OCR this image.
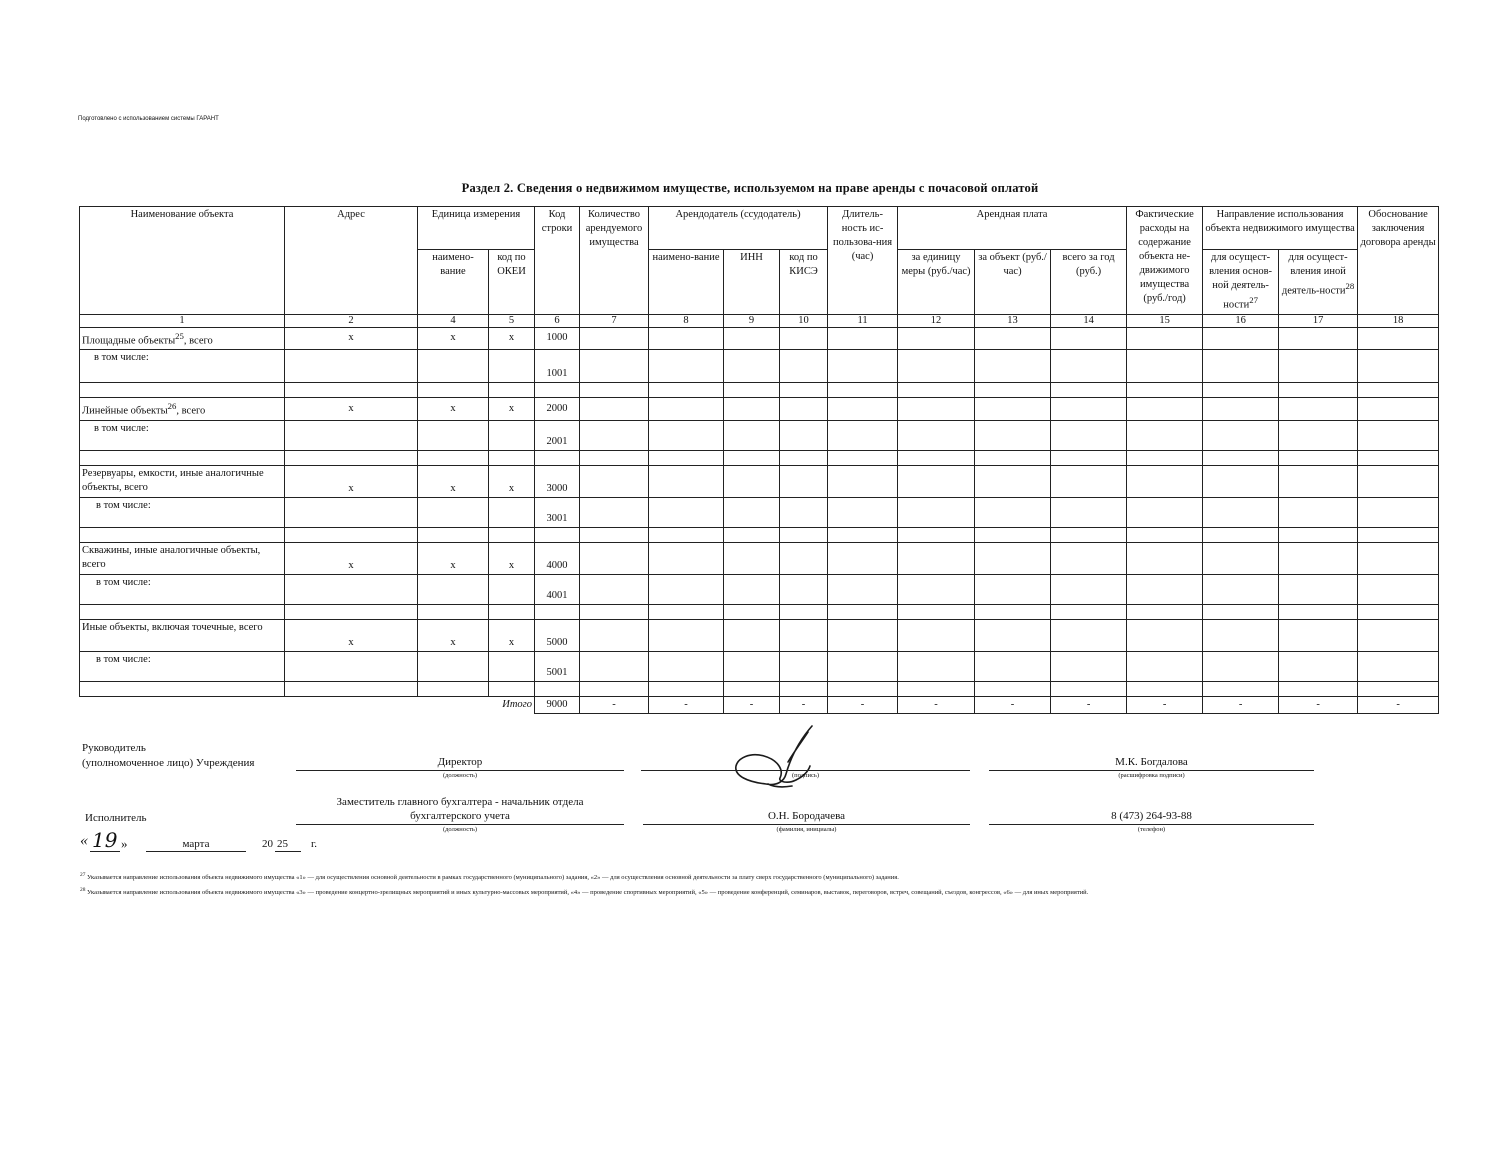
Подготовлено с использованием системы ГАРАНТ
Раздел 2. Сведения о недвижимом имуществе, используемом на праве аренды с почасовой оплатой
Наименование объекта	Адрес	Единица измерения		Код строки	Количество арендуемого имущества	Арендодатель (ссудодатель)			Длитель-ность ис-пользова-ния (час)	Арендная плата			Фактические расходы на содержание объекта не-движимого имущества (руб./год)	Направление использования объекта недвижимого имущества		Обоснование заключения договора аренды
		наимено-вание	код по ОКЕИ			наимено-вание	ИНН	код по КИСЭ		за единицу меры (руб./час)	за объект (руб./час)	всего за год (руб.)		для осущест-вления основ-ной деятель-ности$^{27}$	для осущест-вления иной деятель-ности$^{28}$
1	2	4	5	6	7	8	9	10	11	12	13	14	15	16	17	18
Площадные объекты$^{25}$, всего	х	х	х	1000												
в том числе:				1001												

Линейные объекты$^{26}$, всего	х	х	х	2000												
в том числе:				2001												

Резервуары, емкости, иные аналогичные объекты, всего	х	х	х	3000												
в том числе:				3001												

Скважины, иные аналогичные объекты, всего	х	х	х	4000												
в том числе:				4001												

Иные объекты, включая точечные, всего	х	х	х	5000												
в том числе:				5001												

Итого				9000	-	-	-	-	-	-	-	-	-	-	-	-
Руководитель
(уполномоченное лицо) Учреждения	Директор
(должность)	(подпись)
М.К. Богдалова
(расшифровка подписи)
Исполнитель
Заместитель главного бухгалтера - начальник отдела
бухгалтерского учета
(должность)
О.Н. Бородачева
(фамилия, инициалы)
8 (473) 264-93-88
(телефон)
« 19 »	марта	20 25 г.
$^{27}$ Указывается направление использования объекта недвижимого имущества «1» — для осуществления основной деятельности в рамках государственного (муниципального) задания, «2» — для осуществления основной деятельности за плату сверх государственного (муниципального) задания.
$^{28}$ Указывается направление использования объекта недвижимого имущества «3» — проведение концертно-зрелищных мероприятий и иных культурно-массовых мероприятий, «4» — проведение спортивных мероприятий, «5» — проведение конференций, семинаров, выставок, переговоров, встреч, совещаний, съездов, конгрессов, «6» — для иных мероприятий.
